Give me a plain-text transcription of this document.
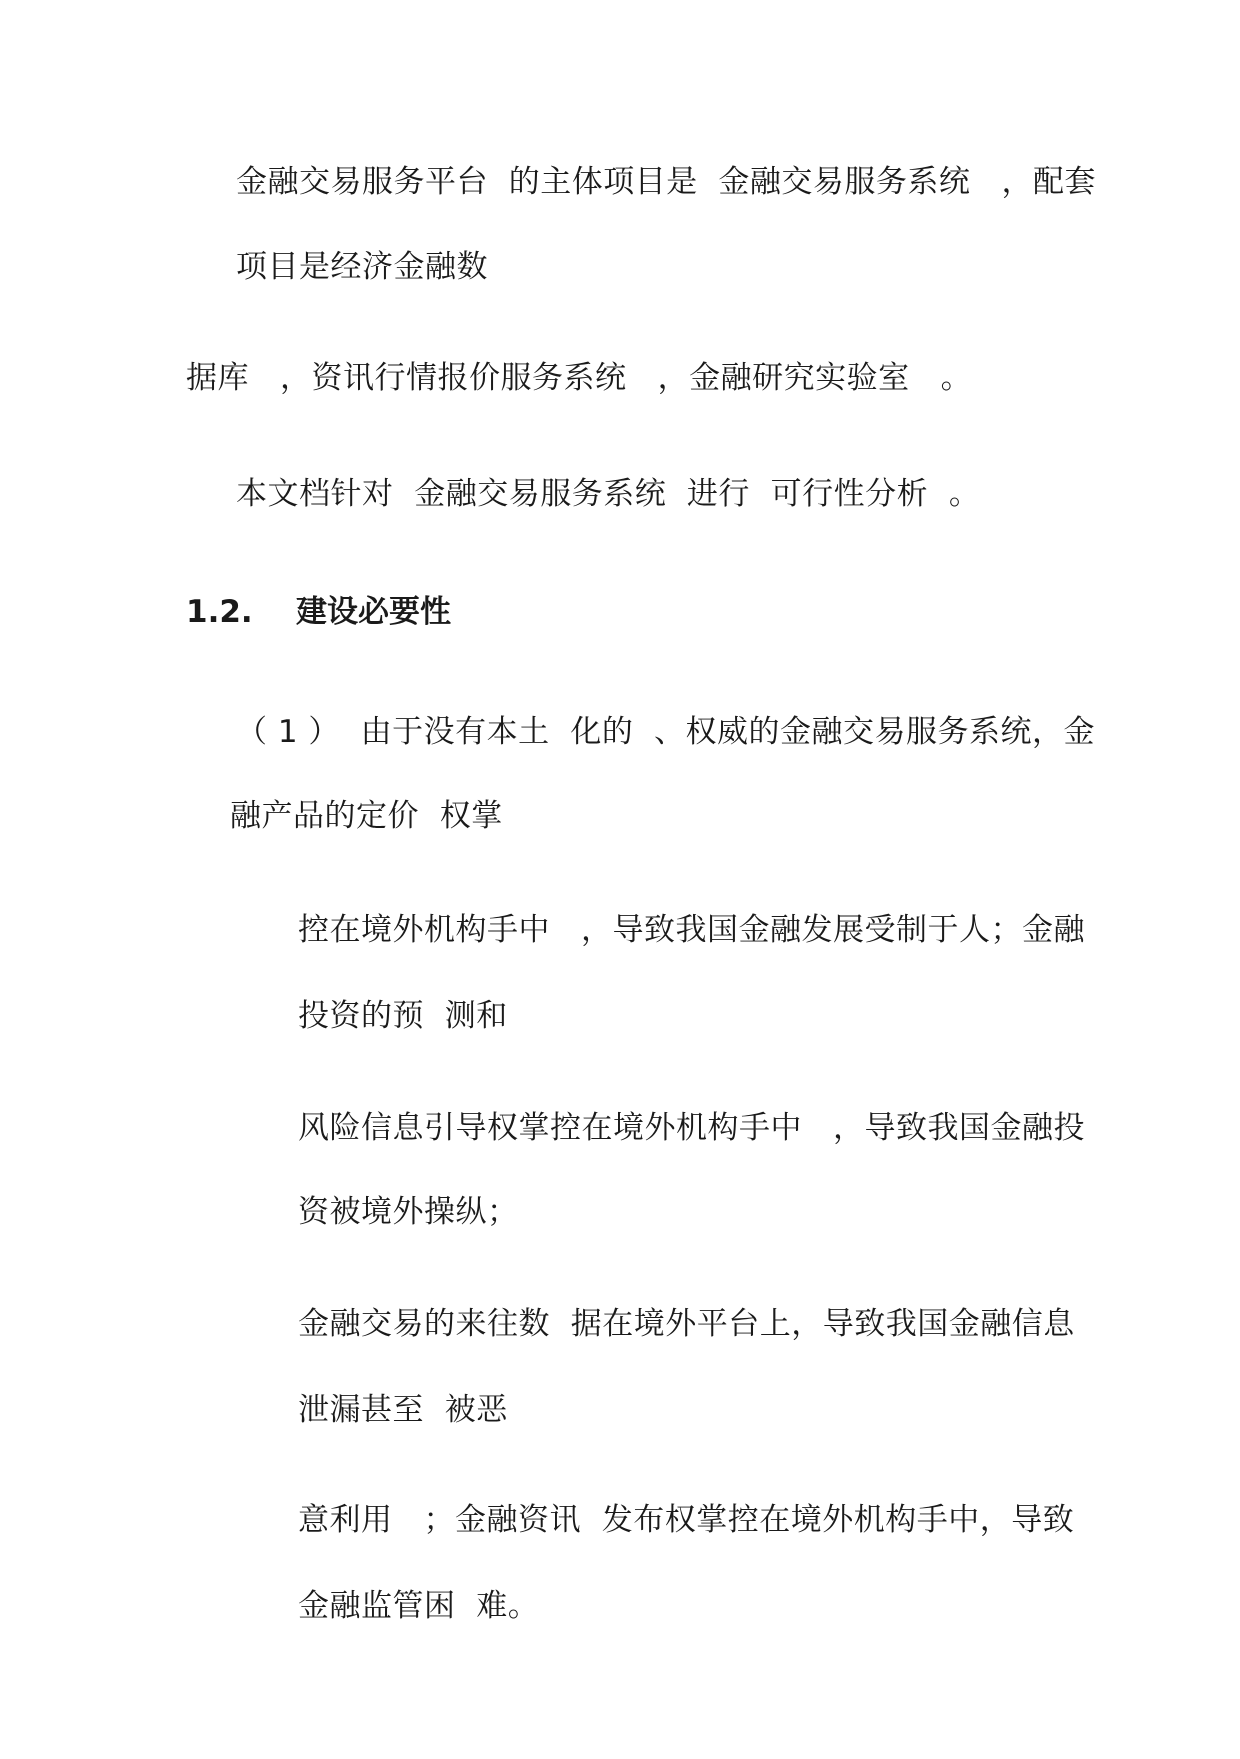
金融交易服务平台  的主体项目是  金融交易服务系统   ，配套
项目是经济金融数
据库   ，资讯行情报价服务系统   ，金融研究实验室   。
本文档针对  金融交易服务系统  进行  可行性分析  。
1.2. 建设必要性
（ 1 ）  由于没有本土  化的  、权威的金融交易服务系统，金
融产品的定价  权掌
控在境外机构手中   ，导致我国金融发展受制于人；金融
投资的预  测和
风险信息引导权掌控在境外机构手中   ，导致我国金融投
资被境外操纵；
金融交易的来往数  据在境外平台上，导致我国金融信息
泄漏甚至  被恶
意利用   ；金融资讯  发布权掌控在境外机构手中，导致
金融监管困  难。
